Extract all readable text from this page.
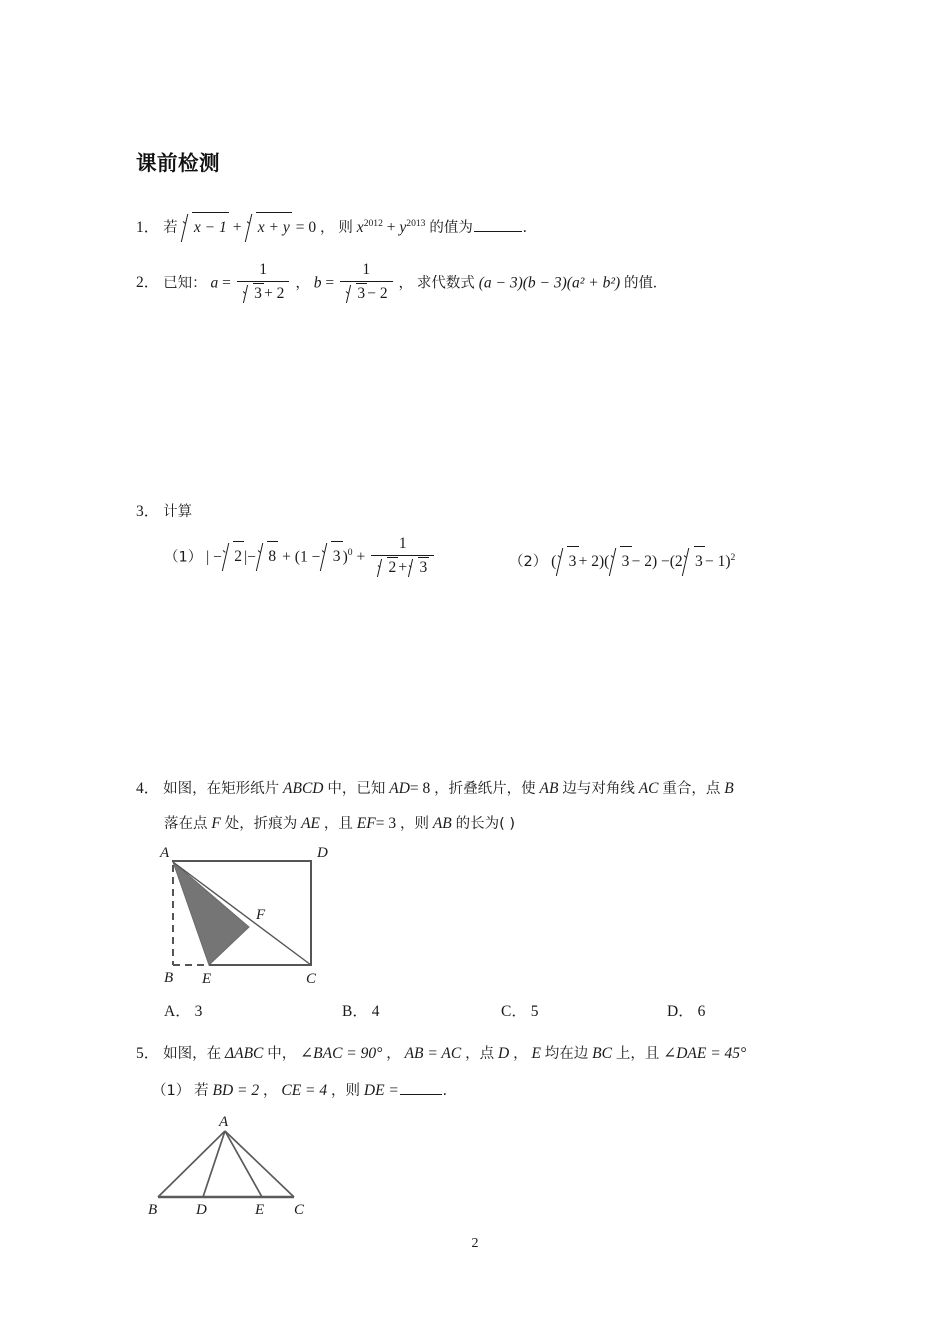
课前检测
1． 若 x − 1 + x + y = 0 ， 则 $x^{2012} + y^{2013}$ 的值为	.
2． 已知： $a = \frac{1}{3 + 2}$ ， $b = \frac{1}{3 - 2}$ ， 求代数式 (a − 3)(b − 3)(a² + b²) 的值.
3． 计算
（1） | − 2 |− 8 + (1 − 3 )$^0 + \frac{1}{2 + 3}$	（2） ( 3 + 2)( 3 − 2) −(2 3 − 1)$^2$
4． 如图，在矩形纸片 ABCD 中，已知 AD= 8 ，折叠纸片，使 AB 边与对角线 AC 重合，点 B
落在点 F 处，折痕为 AE ，且 EF= 3 ，则 AB 的长为( )
A	D
B E	C
F
A． 3	B． 4	C． 5	D． 6
5． 如图，在 ΔABC 中， ∠BAC = 90° ， AB = AC ，点 D ， E 均在边 BC 上，且 ∠DAE = 45°
（1） 若 BD = 2 ， CE = 4 ，则 DE =	.
A
B	D	E C
2
